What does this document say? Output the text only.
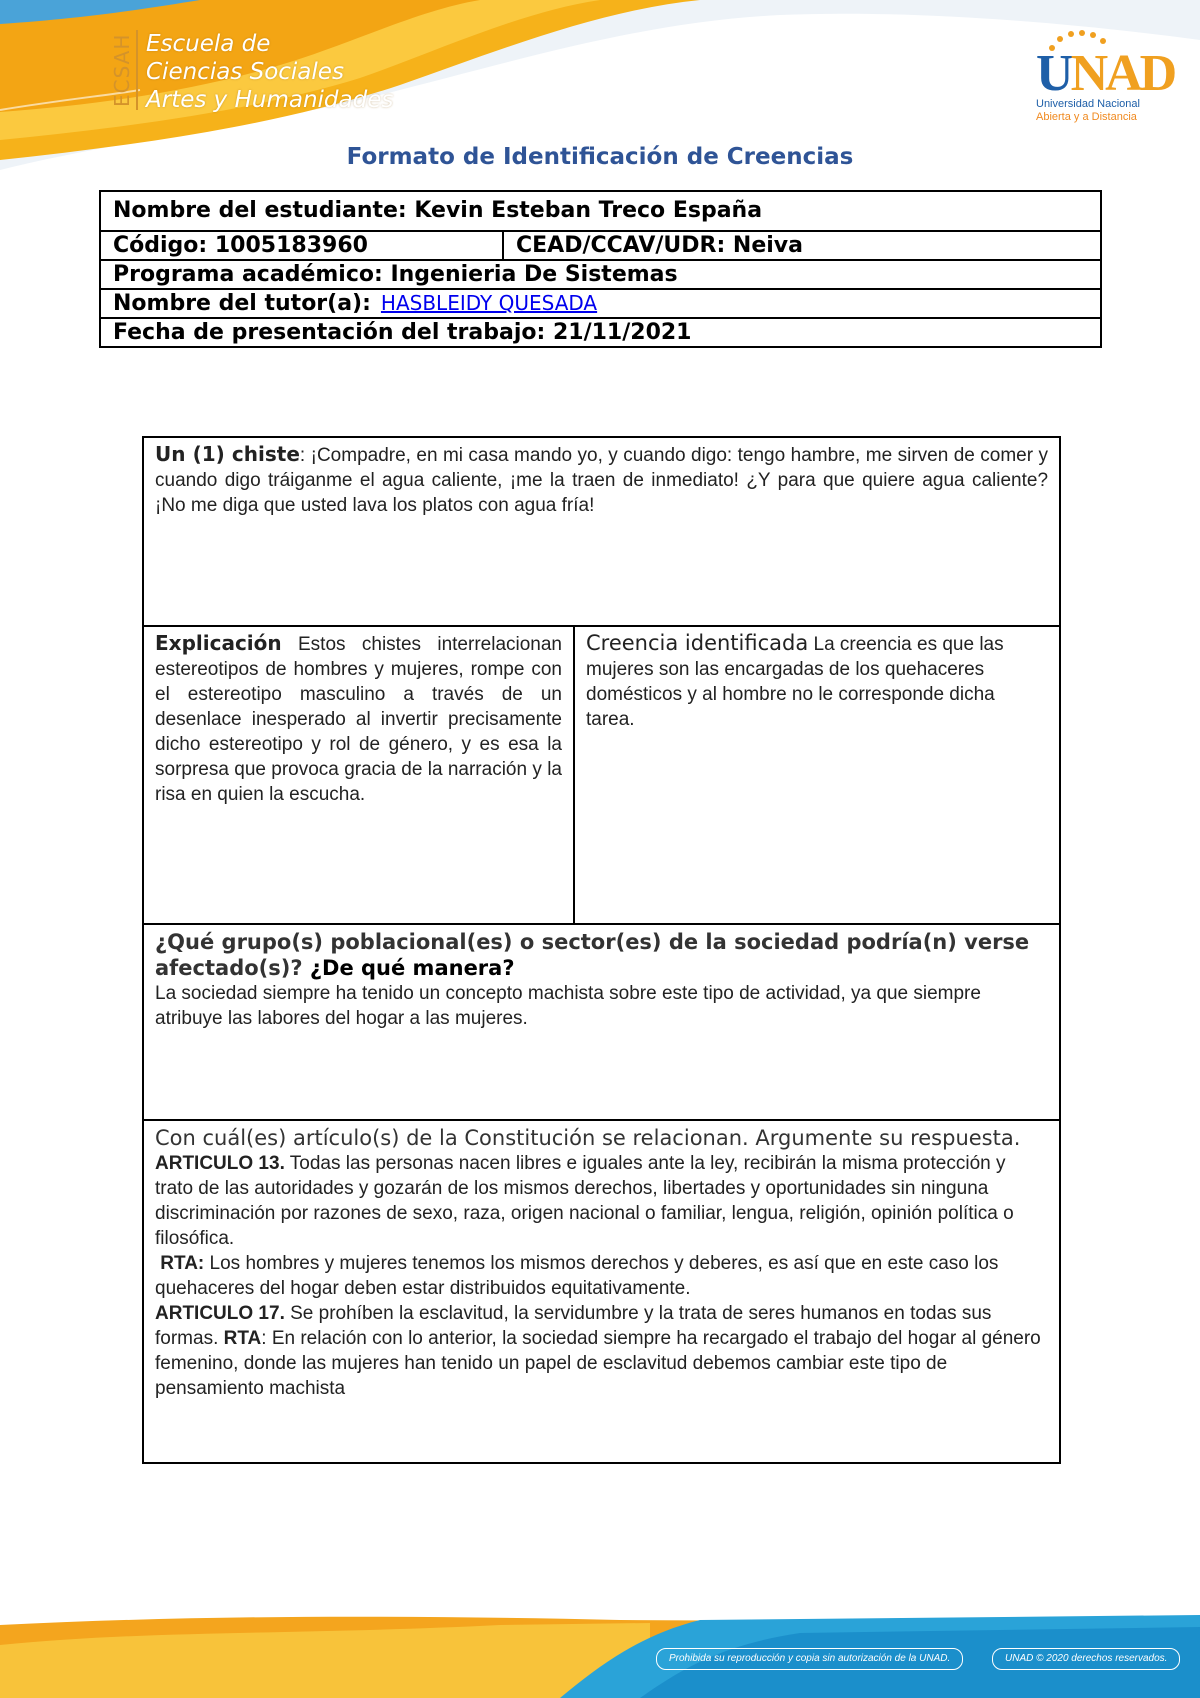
ECSAH Escuela de
Ciencias Sociales
Artes y Humanidades	UNAD
Universidad Nacional
Abierta y a Distancia
Formato de Identificación de Creencias
Nombre del estudiante: Kevin Esteban Treco España
Código: 1005183960	CEAD/CCAV/UDR: Neiva
Programa académico: Ingenieria De Sistemas
Nombre del tutor(a): HASBLEIDY QUESADA
Fecha de presentación del trabajo: 21/11/2021
Un (1) chiste: ¡Compadre, en mi casa mando yo, y cuando digo: tengo hambre, me sirven de comer y cuando digo tráiganme el agua caliente, ¡me la traen de inmediato! ¿Y para que quiere agua caliente? ¡No me diga que usted lava los platos con agua fría!
Explicación Estos chistes interrelacionan estereotipos de hombres y mujeres, rompe con el estereotipo masculino a través de un desenlace inesperado al invertir precisamente dicho estereotipo y rol de género, y es esa la sorpresa que provoca gracia de la narración y la risa en quien la escucha.	Creencia identificada La creencia es que las mujeres son las encargadas de los quehaceres domésticos y al hombre no le corresponde dicha tarea.

¿Qué grupo(s) poblacional(es) o sector(es) de la sociedad podría(n) verse afectado(s)? ¿De qué manera?
La sociedad siempre ha tenido un concepto machista sobre este tipo de actividad, ya que siempre atribuye las labores del hogar a las mujeres.

Con cuál(es) artículo(s) de la Constitución se relacionan. Argumente su respuesta.
ARTICULO 13. Todas las personas nacen libres e iguales ante la ley, recibirán la misma protección y trato de las autoridades y gozarán de los mismos derechos, libertades y oportunidades sin ninguna discriminación por razones de sexo, raza, origen nacional o familiar, lengua, religión, opinión política o filosófica.
RTA: Los hombres y mujeres tenemos los mismos derechos y deberes, es así que en este caso los quehaceres del hogar deben estar distribuidos equitativamente.
ARTICULO 17. Se prohíben la esclavitud, la servidumbre y la trata de seres humanos en todas sus formas. RTA: En relación con lo anterior, la sociedad siempre ha recargado el trabajo del hogar al género femenino, donde las mujeres han tenido un papel de esclavitud debemos cambiar este tipo de pensamiento machista
Prohibida su reproducción y copia sin autorización de la UNAD.	UNAD © 2020 derechos reservados.
